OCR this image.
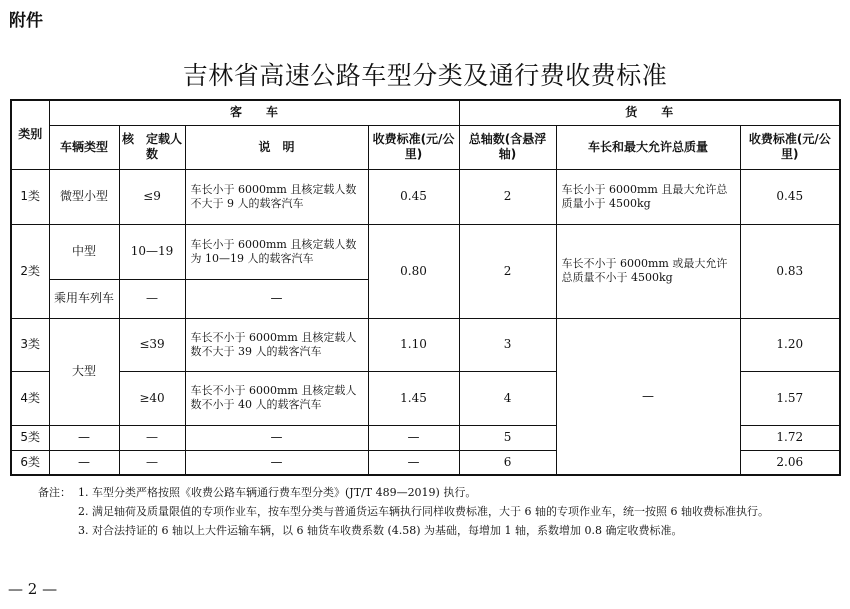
附件
吉林省高速公路车型分类及通行费收费标准
类别	客　　车				货　　车		
	车辆类型	核　定载人数	说　明	收费标准(元/公里)	总轴数(含悬浮轴)	车长和最大允许总质量	收费标准(元/公里)
1类	微型小型	≤9	车长小于 6000mm 且核定载人数不大于 9 人的载客汽车	0.45	2	车长小于 6000mm 且最大允许总质量小于 4500kg	0.45
2类	中型	10—19	车长小于 6000mm 且核定载人数为 10—19 人的载客汽车	0.80	2	车长不小于 6000mm 或最大允许总质量不小于 4500kg	0.83
	乘用车列车	—	—				
3类	大型	≤39	车长不小于 6000mm 且核定载人数不大于 39 人的载客汽车	1.10	3	—	1.20
4类		≥40	车长不小于 6000mm 且核定载人数不小于 40 人的载客汽车	1.45	4		1.57
5类	—	—	—	—	5		1.72
6类	—	—	—	—	6		2.06
备注： 1. 车型分类严格按照《收费公路车辆通行费车型分类》(JT/T 489—2019) 执行。
2. 满足轴荷及质量限值的专项作业车，按车型分类与普通货运车辆执行同样收费标准，大于 6 轴的专项作业车，统一按照 6 轴收费标准执行。
3. 对合法持证的 6 轴以上大件运输车辆，以 6 轴货车收费系数 (4.58) 为基础，每增加 1 轴，系数增加 0.8 确定收费标准。
— 2 —
